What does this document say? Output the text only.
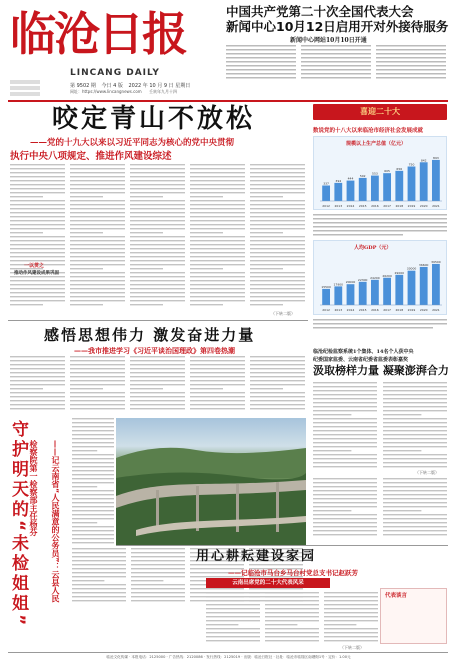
临沧日报
LINCANG DAILY
第 9502 期 今日 4 版 2022 年 10 月 9 日 星期日
网址：https://www.lincangnews.com 壬寅年九月十四
中国共产党第二十次全国代表大会
新闻中心10月12日启用开对外接待服务
新闻中心网站10月10日开通
咬定青山不放松
——党的十九大以来以习近平同志为核心的党中央贯彻
执行中央八项规定、推进作风建设综述
一以贯之
推动作风建设成果巩固
（下转二版）
喜迎二十大
数说党的十八大以来临沧市经济社会发展成就
规模以上生产总值（亿元）
337
2012
394
2013
444
2014
502
2015
553
2016
605
2017
656
2018
750
2019
842
2020
893
2021
人均GDP（元）
15500
2012
17900
2013
20000
2014
22300
2015
24200
2016
26200
2017
29000
2018
33000
2019
36600
2020
39500
2021
感悟思想伟力 激发奋进力量
——我市推进学习《习近平谈治国理政》第四卷热潮	临沧纪检监察系统1个集体、14名个人获中央
纪委国家监委、云南省纪委省监委表彰嘉奖
汲取榜样力量 凝聚澎湃合力
（下转二版）
守护明天的“未检姐姐”	——记云南省“人民满意的公务员”：云县人民
检察院第一检察部主任杨芬
用心耕耘建设家园
——记临沧市马台乡马台村党总支书记赵跃芳
云南出席党的二十大代表风采
代表谈言
（下转二版）
临沧文化传媒 · 本报电话：2125000 · 广告热线：2120086 · 发行热线：2125019 · 出版：临沧日报社 · 社址：临沧市临翔区南塘街1号 · 定价：1.00元
